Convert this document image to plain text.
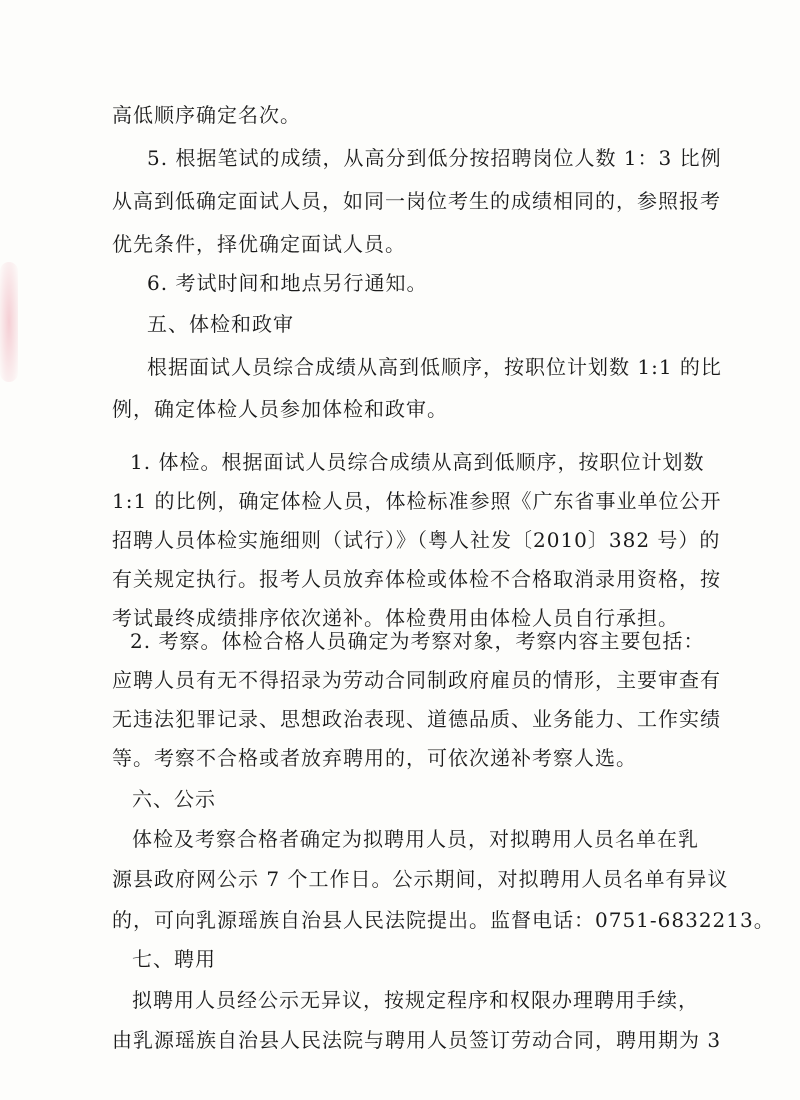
高低顺序确定名次。
5. 根据笔试的成绩，从高分到低分按招聘岗位人数 1：3 比例
从高到低确定面试人员，如同一岗位考生的成绩相同的，参照报考
优先条件，择优确定面试人员。
6. 考试时间和地点另行通知。
五、体检和政审
根据面试人员综合成绩从高到低顺序，按职位计划数 1:1 的比
例，确定体检人员参加体检和政审。
1. 体检。根据面试人员综合成绩从高到低顺序，按职位计划数
1:1 的比例，确定体检人员，体检标准参照《广东省事业单位公开
招聘人员体检实施细则（试行）》（粤人社发〔2010〕382 号）的
有关规定执行。报考人员放弃体检或体检不合格取消录用资格，按
考试最终成绩排序依次递补。体检费用由体检人员自行承担。
2. 考察。体检合格人员确定为考察对象，考察内容主要包括：
应聘人员有无不得招录为劳动合同制政府雇员的情形，主要审查有
无违法犯罪记录、思想政治表现、道德品质、业务能力、工作实绩
等。考察不合格或者放弃聘用的，可依次递补考察人选。
六、公示
体检及考察合格者确定为拟聘用人员，对拟聘用人员名单在乳
源县政府网公示 7 个工作日。公示期间，对拟聘用人员名单有异议
的，可向乳源瑶族自治县人民法院提出。监督电话：0751-6832213。
七、聘用
拟聘用人员经公示无异议，按规定程序和权限办理聘用手续，
由乳源瑶族自治县人民法院与聘用人员签订劳动合同，聘用期为 3
